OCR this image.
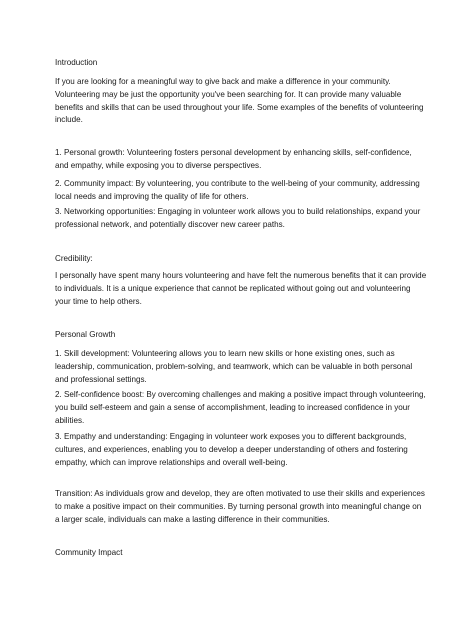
Introduction

If you are looking for a meaningful way to give back and make a difference in your community. Volunteering may be just the opportunity you've been searching for. It can provide many valuable benefits and skills that can be used throughout your life. Some examples of the benefits of volunteering include.

1. Personal growth: Volunteering fosters personal development by enhancing skills, self-confidence, and empathy, while exposing you to diverse perspectives.

2. Community impact: By volunteering, you contribute to the well-being of your community, addressing local needs and improving the quality of life for others.

3. Networking opportunities: Engaging in volunteer work allows you to build relationships, expand your professional network, and potentially discover new career paths.

Credibility:

I personally have spent many hours volunteering and have felt the numerous benefits that it can provide to individuals. It is a unique experience that cannot be replicated without going out and volunteering your time to help others.

Personal Growth

1. Skill development: Volunteering allows you to learn new skills or hone existing ones, such as leadership, communication, problem-solving, and teamwork, which can be valuable in both personal and professional settings.

2. Self-confidence boost: By overcoming challenges and making a positive impact through volunteering, you build self-esteem and gain a sense of accomplishment, leading to increased confidence in your abilities.

3. Empathy and understanding: Engaging in volunteer work exposes you to different backgrounds, cultures, and experiences, enabling you to develop a deeper understanding of others and fostering empathy, which can improve relationships and overall well-being.

Transition: As individuals grow and develop, they are often motivated to use their skills and experiences to make a positive impact on their communities. By turning personal growth into meaningful change on a larger scale, individuals can make a lasting difference in their communities.

Community Impact
